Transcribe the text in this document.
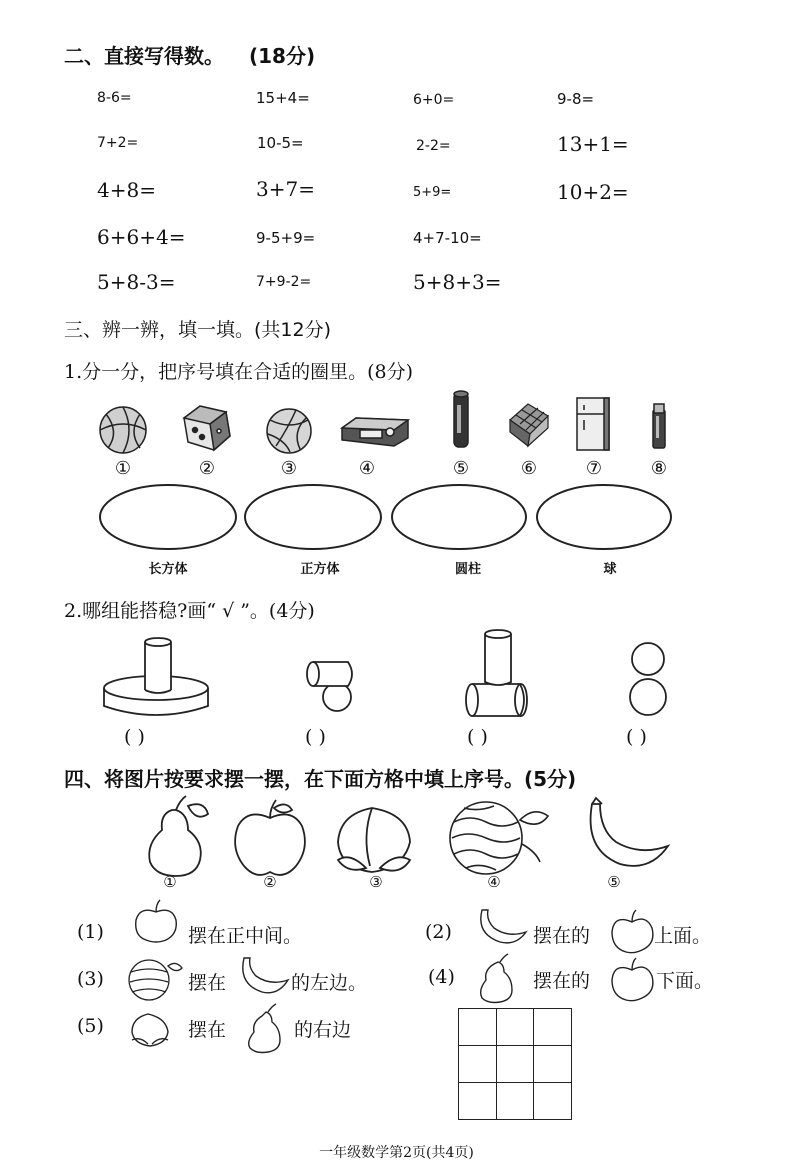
二、直接写得数。 (18分)
8-6=	15+4=	6+0=	9-8=
7+2=	10-5=	2-2=	13+1=
4+8=	3+7=	5+9=	10+2=
6+6+4=	9-5+9=	4+7-10=
5+8-3=	7+9-2=	5+8+3=
三、辨一辨，填一填。(共12分)
1.分一分，把序号填在合适的圈里。(8分)
①	②	③	④	⑤	⑥	⑦	⑧
长方体	正方体	圆柱	球
2.哪组能搭稳?画“ √ ”。(4分)
( )	( )	( )	( )
四、将图片按要求摆一摆，在下面方格中填上序号。(5分)
①	②	③	④	⑤
(1)	摆在正中间。	(2)	摆在的	上面。
(3)	摆在	的左边。	(4)	摆在的	下面。
(5)	摆在	的右边

一年级数学第2页(共4页)
